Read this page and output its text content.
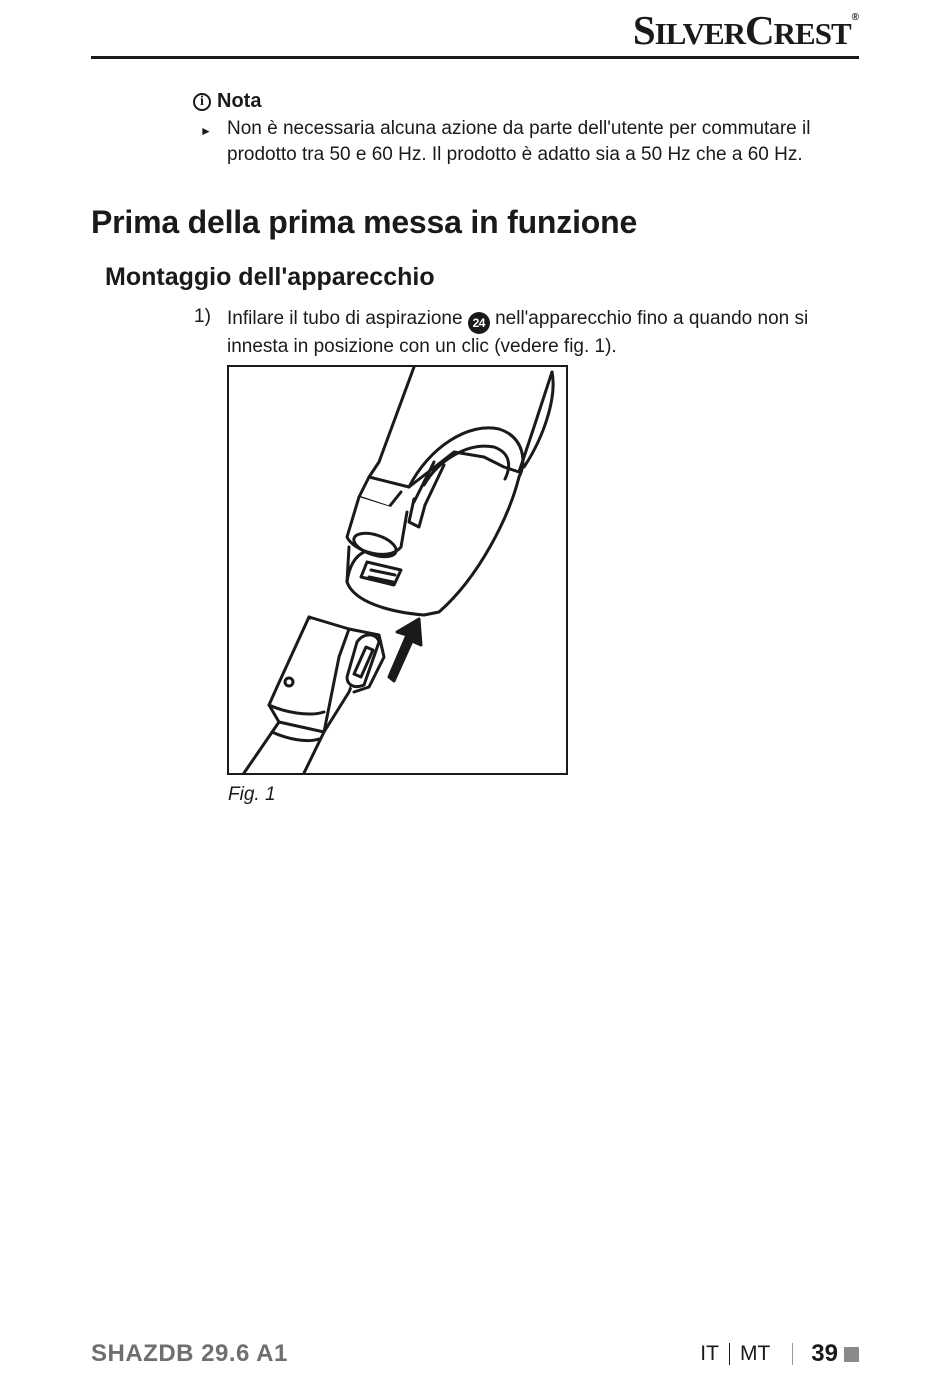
SILVERCREST®
i Nota
► Non è necessaria alcuna azione da parte dell'utente per commutare il prodotto tra 50 e 60 Hz. Il prodotto è adatto sia a 50 Hz che a 60 Hz.
Prima della prima messa in funzione
Montaggio dell'apparecchio
1) Infilare il tubo di aspirazione 24 nell'apparecchio fino a quando non si innesta in posizione con un clic (vedere fig. 1).
Fig. 1
SHAZDB 29.6 A1	IT MT 39
